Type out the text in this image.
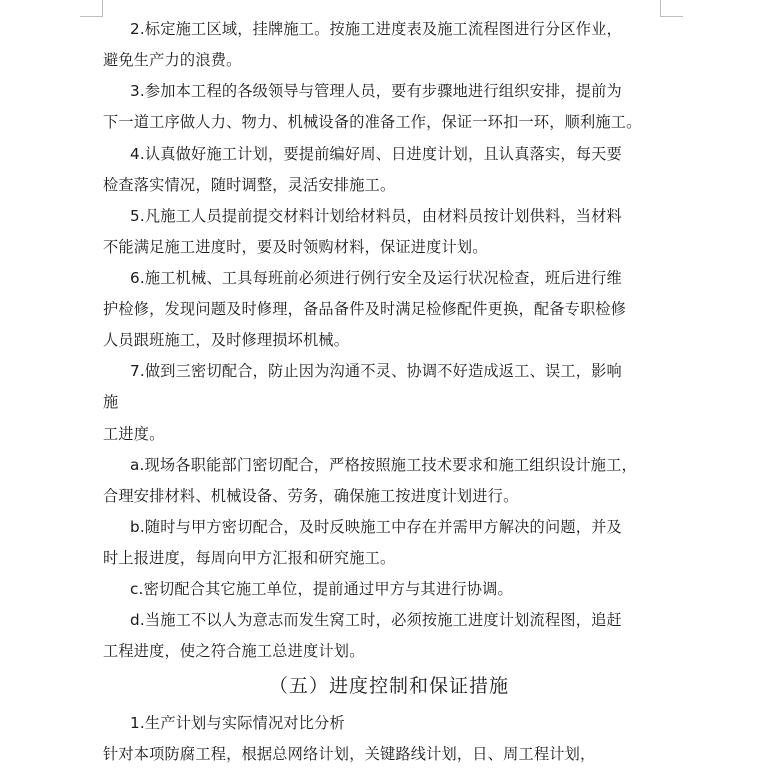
2.标定施工区域，挂牌施工。按施工进度表及施工流程图进行分区作业，
避免生产力的浪费。
3.参加本工程的各级领导与管理人员，要有步骤地进行组织安排，提前为
下一道工序做人力、物力、机械设备的准备工作，保证一环扣一环，顺利施工。
4.认真做好施工计划，要提前编好周、日进度计划，且认真落实，每天要
检查落实情况，随时调整，灵活安排施工。
5.凡施工人员提前提交材料计划给材料员，由材料员按计划供料，当材料
不能满足施工进度时，要及时领购材料，保证进度计划。
6.施工机械、工具每班前必须进行例行安全及运行状况检查，班后进行维
护检修，发现问题及时修理，备品备件及时满足检修配件更换，配备专职检修
人员跟班施工，及时修理损坏机械。
7.做到三密切配合，防止因为沟通不灵、协调不好造成返工、误工，影响
施
工进度。
a.现场各职能部门密切配合，严格按照施工技术要求和施工组织设计施工，
合理安排材料、机械设备、劳务，确保施工按进度计划进行。
b.随时与甲方密切配合，及时反映施工中存在并需甲方解决的问题，并及
时上报进度，每周向甲方汇报和研究施工。
c.密切配合其它施工单位，提前通过甲方与其进行协调。
d.当施工不以人为意志而发生窝工时，必须按施工进度计划流程图，追赶
工程进度，使之符合施工总进度计划。
（五）进度控制和保证措施
1.生产计划与实际情况对比分析
针对本项防腐工程，根据总网络计划，关键路线计划，日、周工程计划，
